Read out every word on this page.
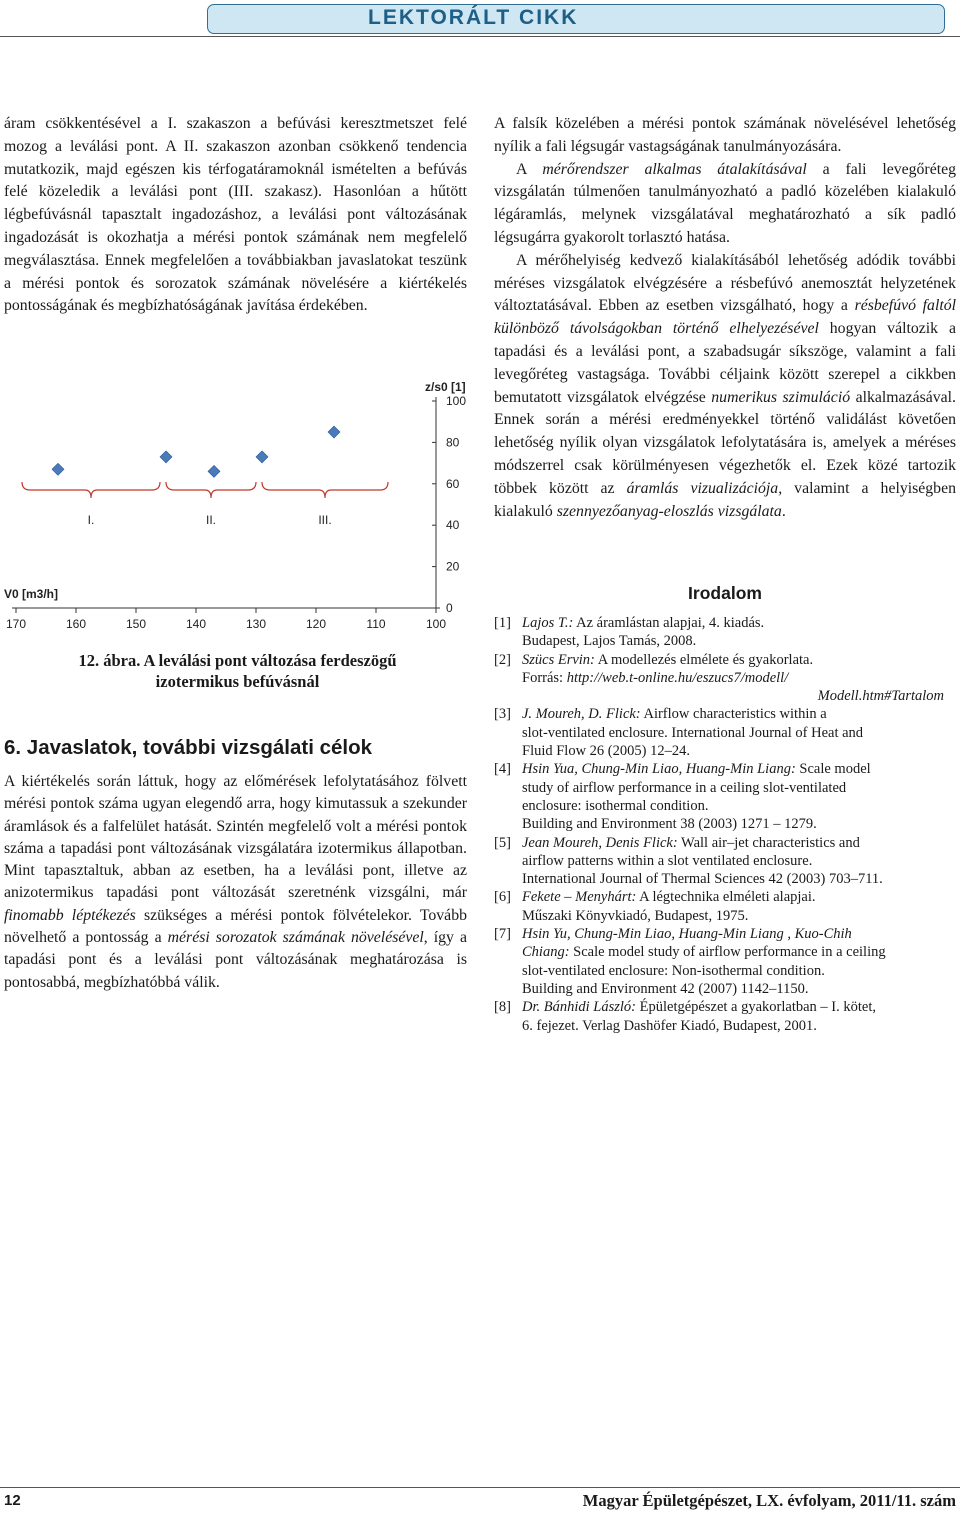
LEKTORÁLT CIKK

áram csökkentésével a I. szakaszon a befúvási keresztmetszet felé mozog a leválási pont. A II. szakaszon azonban csökkenő tendencia mutatkozik, majd egészen kis térfogatáramoknál ismételten a befúvás felé közeledik a leválási pont (III. szakasz). Hasonlóan a hűtött légbefúvásnál tapasztalt ingadozáshoz, a leválási pont változásának ingadozását is okozhatja a mérési pontok számának nem megfelelő megválasztása. Ennek megfelelően a továbbiakban javaslatokat teszünk a mérési pontok és sorozatok számának növelésére a kiértékelés pontosságának és megbízhatóságának javítása érdekében.

170	160	150	140	130	120	110	100
0
20
40
60
80
100
V0 [m3/h]
z/s0 [1]
I.	II.	III.
12. ábra. A leválási pont változása ferdeszögű
izotermikus befúvásnál
6. Javaslatok, további vizsgálati célok
A kiértékelés során láttuk, hogy az előmérések lefolytatásához fölvett mérési pontok száma ugyan elegendő arra, hogy kimutassuk a szekunder áramlások és a falfelület hatását. Szintén megfelelő volt a mérési pontok száma a tapadási pont változásának vizsgálatára izotermikus állapotban. Mint tapasztaltuk, abban az esetben, ha a leválási pont, illetve az anizotermikus tapadási pont változását szeretnénk vizsgálni, már finomabb léptékezés szükséges a mérési pontok fölvételekor. Tovább növelhető a pontosság a mérési sorozatok számának növelésével, így a tapadási pont és a leválási pont változásának meghatározása is pontosabbá, megbízhatóbbá válik.

A falsík közelében a mérési pontok számának növelésével lehetőség nyílik a fali légsugár vastagságának tanulmányozására.

A mérőrendszer alkalmas átalakításával a fali levegőréteg vizsgálatán túlmenően tanulmányozható a padló közelében kialakuló légáramlás, melynek vizsgálatával meghatározható a sík padló légsugárra gyakorolt torlasztó hatása.

A mérőhelyiség kedvező kialakításából lehetőség adódik további méréses vizsgálatok elvégzésére a résbefúvó anemosztát helyzetének változtatásával. Ebben az esetben vizsgálható, hogy a résbefúvó faltól különböző távolságokban történő elhelyezésével hogyan változik a tapadási és a leválási pont, a szabadsugár síkszöge, valamint a fali levegőréteg vastagsága. További céljaink között szerepel a cikkben bemutatott vizsgálatok elvégzése numerikus szimuláció alkalmazásával. Ennek során a mérési eredményekkel történő validálást követően lehetőség nyílik olyan vizsgálatok lefolytatására is, amelyek a méréses módszerrel csak körülményesen végezhetők el. Ezek közé tartozik többek között az áramlás vizualizációja, valamint a helyiségben kialakuló szennyezőanyag-eloszlás vizsgálata.

Irodalom
[1] Lajos T.: Az áramlástan alapjai, 4. kiadás.
Budapest, Lajos Tamás, 2008.
[2] Szücs Ervin: A modellezés elmélete és gyakorlata.
Forrás: http://web.t-online.hu/eszucs7/modell/
Modell.htm#Tartalom
[3] J. Moureh, D. Flick: Airflow characteristics within a
slot-ventilated enclosure. International Journal of Heat and
Fluid Flow 26 (2005) 12–24.
[4] Hsin Yua, Chung-Min Liao, Huang-Min Liang: Scale model
study of airflow performance in a ceiling slot-ventilated
enclosure: isothermal condition.
Building and Environment 38 (2003) 1271 – 1279.
[5] Jean Moureh, Denis Flick: Wall air–jet characteristics and
airflow patterns within a slot ventilated enclosure.
International Journal of Thermal Sciences 42 (2003) 703–711.
[6] Fekete – Menyhárt: A légtechnika elméleti alapjai.
Műszaki Könyvkiadó, Budapest, 1975.
[7] Hsin Yu, Chung-Min Liao, Huang-Min Liang , Kuo-Chih
Chiang: Scale model study of airflow performance in a ceiling
slot-ventilated enclosure: Non-isothermal condition.
Building and Environment 42 (2007) 1142–1150.
[8] Dr. Bánhidi László: Épületgépészet a gyakorlatban – I. kötet,
6. fejezet. Verlag Dashöfer Kiadó, Budapest, 2001.
12	Magyar Épületgépészet, LX. évfolyam, 2011/11. szám
